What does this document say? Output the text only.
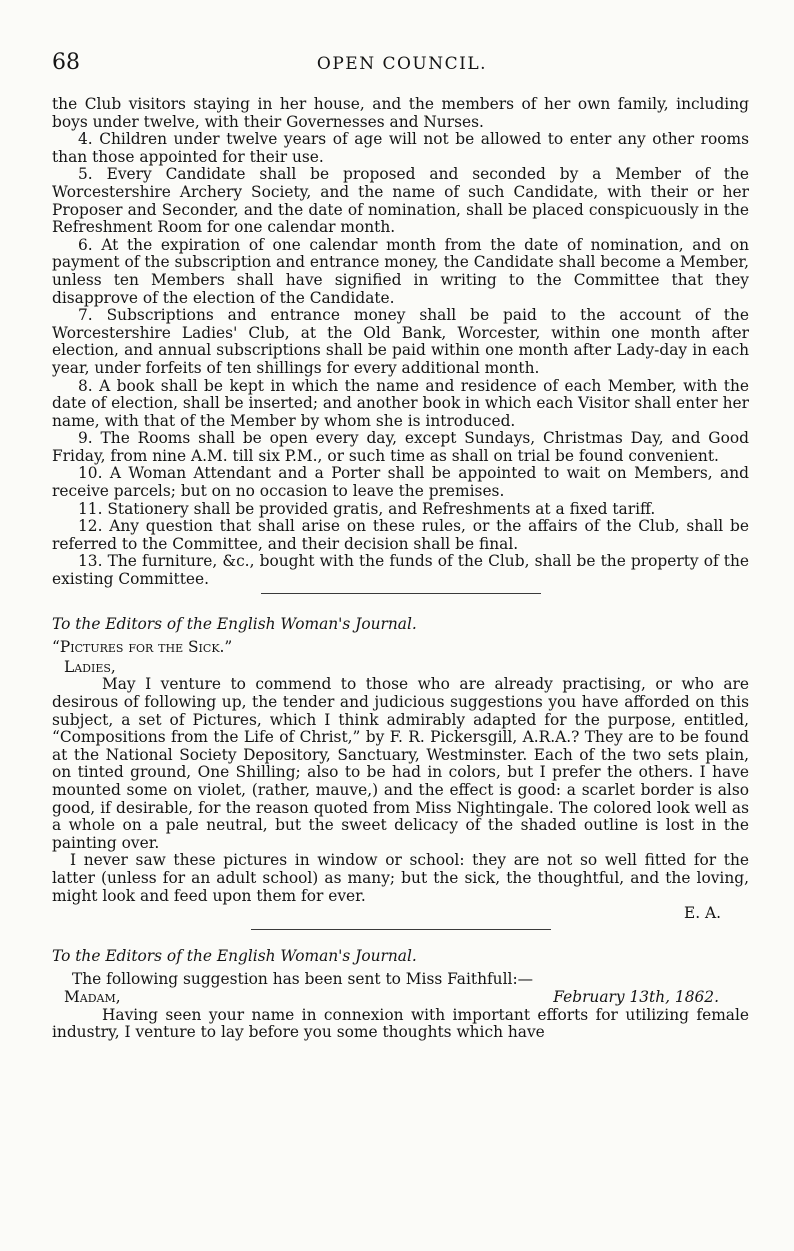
68	OPEN COUNCIL.

the Club visitors staying in her house, and the members of her own family, including boys under twelve, with their Governesses and Nurses.

4. Children under twelve years of age will not be allowed to enter any other rooms than those appointed for their use.

5. Every Candidate shall be proposed and seconded by a Member of the Worcestershire Archery Society, and the name of such Candidate, with their or her Proposer and Seconder, and the date of nomination, shall be placed conspicuously in the Refreshment Room for one calendar month.

6. At the expiration of one calendar month from the date of nomination, and on payment of the subscription and entrance money, the Candidate shall become a Member, unless ten Members shall have signified in writing to the Committee that they disapprove of the election of the Candidate.

7. Subscriptions and entrance money shall be paid to the account of the Worcestershire Ladies' Club, at the Old Bank, Worcester, within one month after election, and annual subscriptions shall be paid within one month after Lady-day in each year, under forfeits of ten shillings for every additional month.

8. A book shall be kept in which the name and residence of each Member, with the date of election, shall be inserted; and another book in which each Visitor shall enter her name, with that of the Member by whom she is introduced.

9. The Rooms shall be open every day, except Sundays, Christmas Day, and Good Friday, from nine A.M. till six P.M., or such time as shall on trial be found convenient.

10. A Woman Attendant and a Porter shall be appointed to wait on Members, and receive parcels; but on no occasion to leave the premises.

11. Stationery shall be provided gratis, and Refreshments at a fixed tariff.

12. Any question that shall arise on these rules, or the affairs of the Club, shall be referred to the Committee, and their decision shall be final.

13. The furniture, &c., bought with the funds of the Club, shall be the property of the existing Committee.

To the Editors of the English Woman's Journal.

“Pictures for the Sick.”

Ladies,

May I venture to commend to those who are already practising, or who are desirous of following up, the tender and judicious suggestions you have afforded on this subject, a set of Pictures, which I think admirably adapted for the purpose, entitled, “Compositions from the Life of Christ,” by F. R. Pickersgill, A.R.A.? They are to be found at the National Society Depository, Sanctuary, Westminster. Each of the two sets plain, on tinted ground, One Shilling; also to be had in colors, but I prefer the others. I have mounted some on violet, (rather, mauve,) and the effect is good: a scarlet border is also good, if desirable, for the reason quoted from Miss Nightingale. The colored look well as a whole on a pale neutral, but the sweet delicacy of the shaded outline is lost in the painting over.

I never saw these pictures in window or school: they are not so well fitted for the latter (unless for an adult school) as many; but the sick, the thoughtful, and the loving, might look and feed upon them for ever.

E. A.

To the Editors of the English Woman's Journal.

The following suggestion has been sent to Miss Faithfull:—

Madam,	February 13th, 1862.

Having seen your name in connexion with important efforts for utilizing female industry, I venture to lay before you some thoughts which have
